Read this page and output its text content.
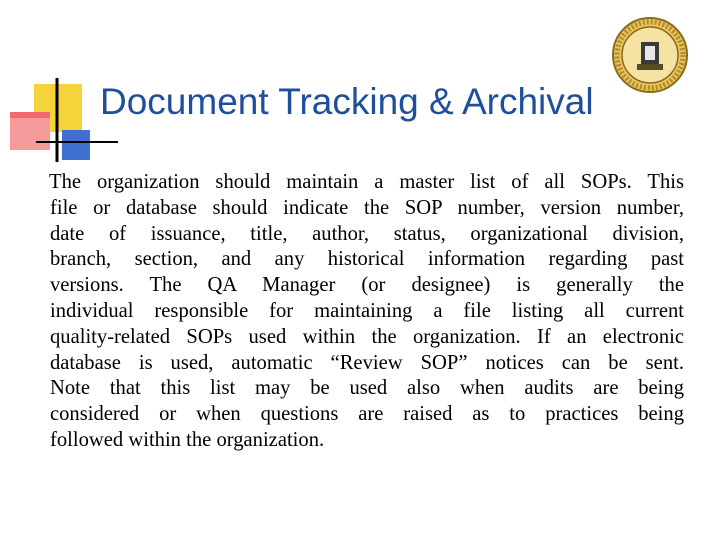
Document Tracking & Archival
The organization should maintain a master list of all SOPs. This
file or database should indicate the SOP number, version number,
date of issuance, title, author, status, organizational division,
branch, section, and any historical information regarding past
versions. The QA Manager (or designee) is generally the
individual responsible for maintaining a file listing all current
quality-related SOPs used within the organization. If an electronic
database is used, automatic “Review SOP” notices can be sent.
Note that this list may be used also when audits are being
considered or when questions are raised as to practices being
followed within the organization.
